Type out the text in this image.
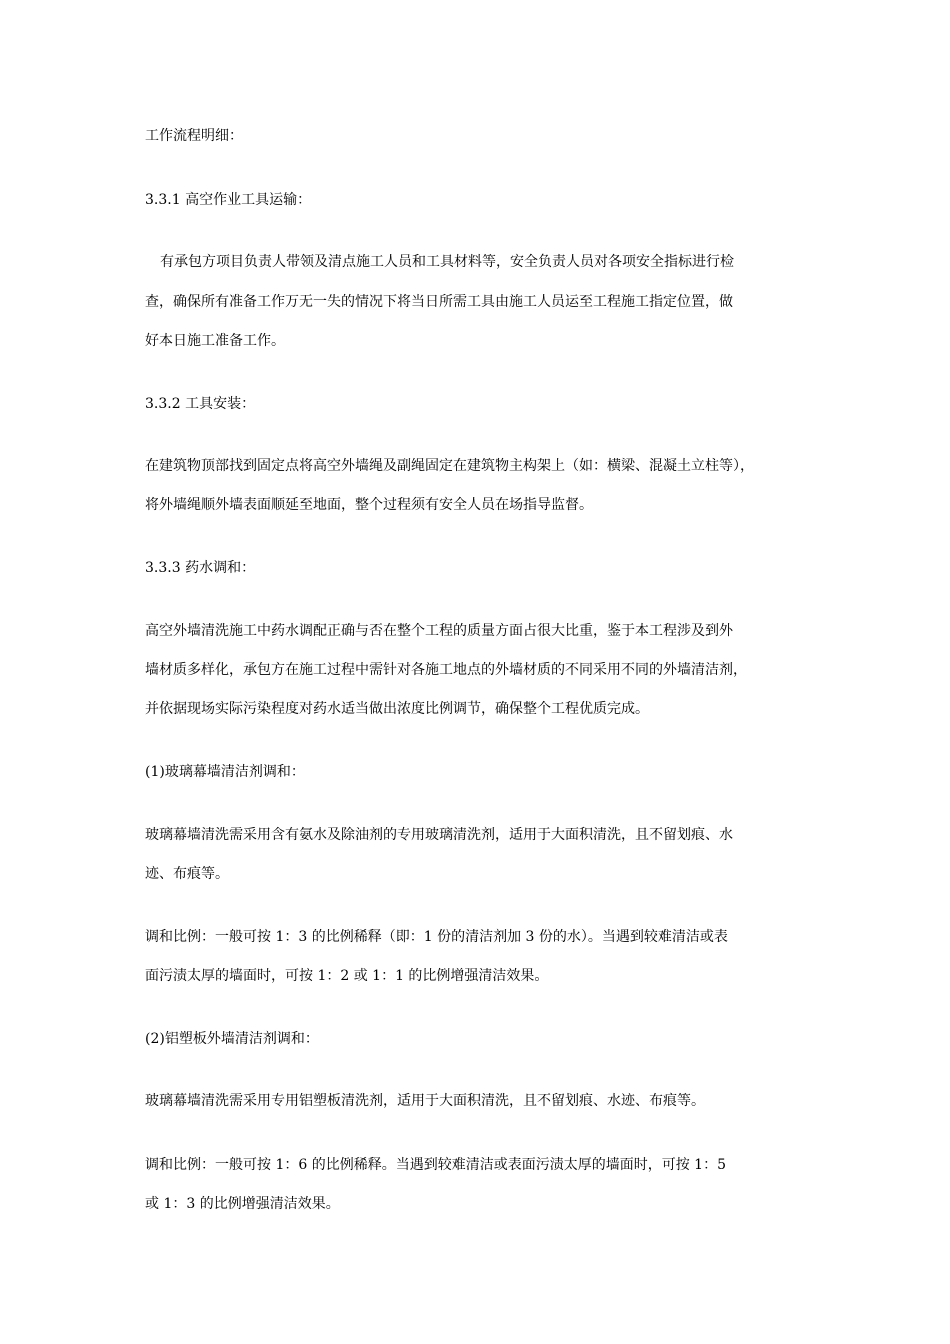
工作流程明细：
3.3.1 高空作业工具运输：
有承包方项目负责人带领及清点施工人员和工具材料等，安全负责人员对各项安全指标进行检
查，确保所有准备工作万无一失的情况下将当日所需工具由施工人员运至工程施工指定位置，做
好本日施工准备工作。
3.3.2 工具安装：
在建筑物顶部找到固定点将高空外墙绳及副绳固定在建筑物主构架上（如：横梁、混凝土立柱等），
将外墙绳顺外墙表面顺延至地面，整个过程须有安全人员在场指导监督。
3.3.3 药水调和：
高空外墙清洗施工中药水调配正确与否在整个工程的质量方面占很大比重，鉴于本工程涉及到外
墙材质多样化，承包方在施工过程中需针对各施工地点的外墙材质的不同采用不同的外墙清洁剂，
并依据现场实际污染程度对药水适当做出浓度比例调节，确保整个工程优质完成。
(1)玻璃幕墙清洁剂调和：
玻璃幕墙清洗需采用含有氨水及除油剂的专用玻璃清洗剂，适用于大面积清洗，且不留划痕、水
迹、布痕等。
调和比例：一般可按 1：3 的比例稀释（即：1 份的清洁剂加 3 份的水）。当遇到较难清洁或表
面污渍太厚的墙面时，可按 1：2 或 1：1 的比例增强清洁效果。
(2)铝塑板外墙清洁剂调和：
玻璃幕墙清洗需采用专用铝塑板清洗剂，适用于大面积清洗，且不留划痕、水迹、布痕等。
调和比例：一般可按 1：6 的比例稀释。当遇到较难清洁或表面污渍太厚的墙面时，可按 1：5
或 1：3 的比例增强清洁效果。
